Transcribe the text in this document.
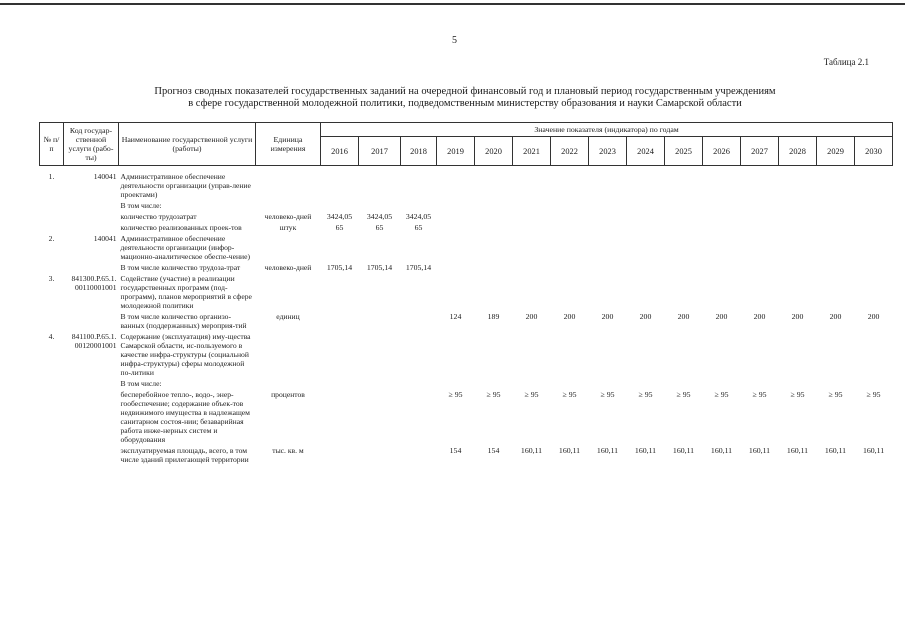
5
Таблица 2.1
Прогноз сводных показателей государственных заданий на очередной финансовый год и плановый период государственным учреждениям
в сфере государственной молодежной политики, подведомственным министерству образования и науки Самарской области
№ п/п	Код государ-ственной услуги (рабо-ты)	Наименование государственной услуги (работы)	Единица измерения	Значение показателя (индикатора) по годам														
				2016	2017	2018	2019	2020	2021	2022	2023	2024	2025	2026	2027	2028	2029	2030
1.	140041	Административное обеспечение деятельности организации (управ-ление проектами)																
		В том числе:																
		количество трудозатрат	человеко-дней	3424,05	3424,05	3424,05												
		количество реализованных проек-тов	штук	65	65	65												
2.	140041	Административное обеспечение деятельности организации (инфор-мационно-аналитическое обеспе-чение)																
		В том числе количество трудоза-трат	человеко-дней	1705,14	1705,14	1705,14												
3.	841300.Р.65.1. 00110001001	Содействие (участие) в реализации государственных программ (под-программ), планов мероприятий в сфере молодежной политики																
		В том числе количество организо-ванных (поддержанных) мероприя-тий	единиц				124	189	200	200	200	200	200	200	200	200	200	200
4.	841100.Р.65.1. 00120001001	Содержание (эксплуатация) иму-щества Самарской области, ис-пользуемого в качестве инфра-структуры (социальной инфра-структуры) сферы молодежной по-литики																
		В том числе:																
		бесперебойное тепло-, водо-, энер-гообеспечение; содержание объек-тов недвижимого имущества в надлежащем санитарном состоя-нии; безаварийная работа инже-нерных систем и оборудования	процентов				≥ 95	≥ 95	≥ 95	≥ 95	≥ 95	≥ 95	≥ 95	≥ 95	≥ 95	≥ 95	≥ 95	≥ 95
		эксплуатируемая площадь, всего, в том числе зданий прилегающей территории	тыс. кв. м				154	154	160,11	160,11	160,11	160,11	160,11	160,11	160,11	160,11	160,11	160,11
